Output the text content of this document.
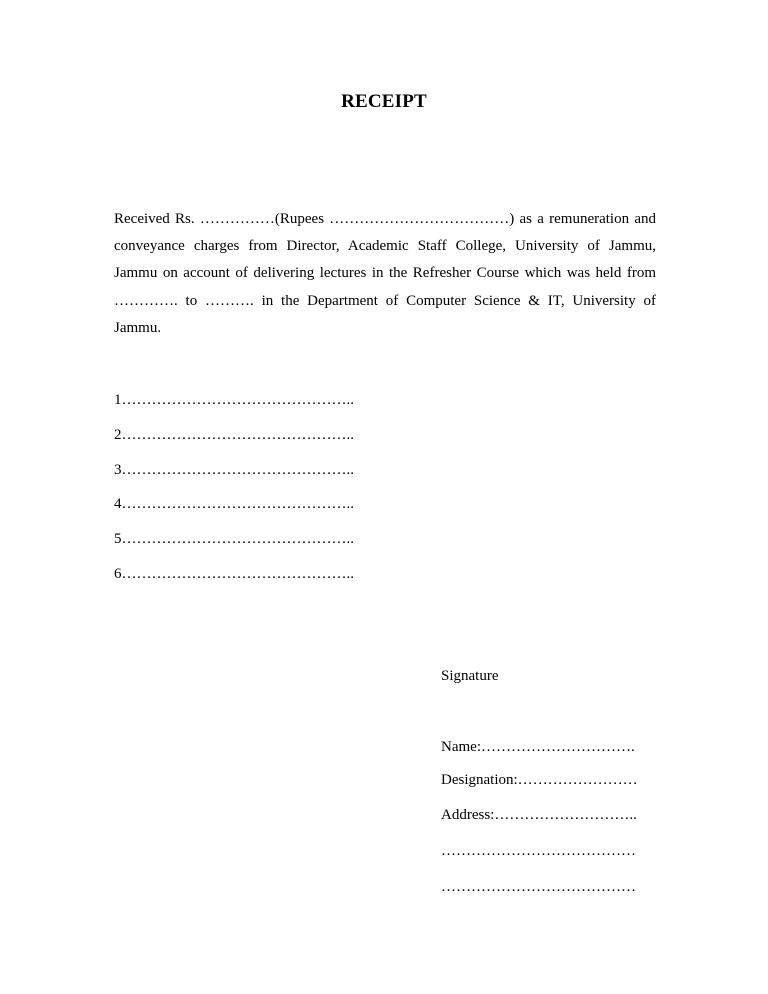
RECEIPT
Received Rs. ……………(Rupees ………………………………) as a remuneration and
conveyance charges from Director, Academic Staff College, University of Jammu,
Jammu on account of delivering lectures in the Refresher Course which was held from
…………. to ………. in the Department of Computer Science & IT, University of
Jammu.
1………………………………………..
2………………………………………..
3………………………………………..
4………………………………………..
5………………………………………..
6………………………………………..
Signature
Name:………………………….
Designation:……………………
Address:………………………..
…………………………………
…………………………………
